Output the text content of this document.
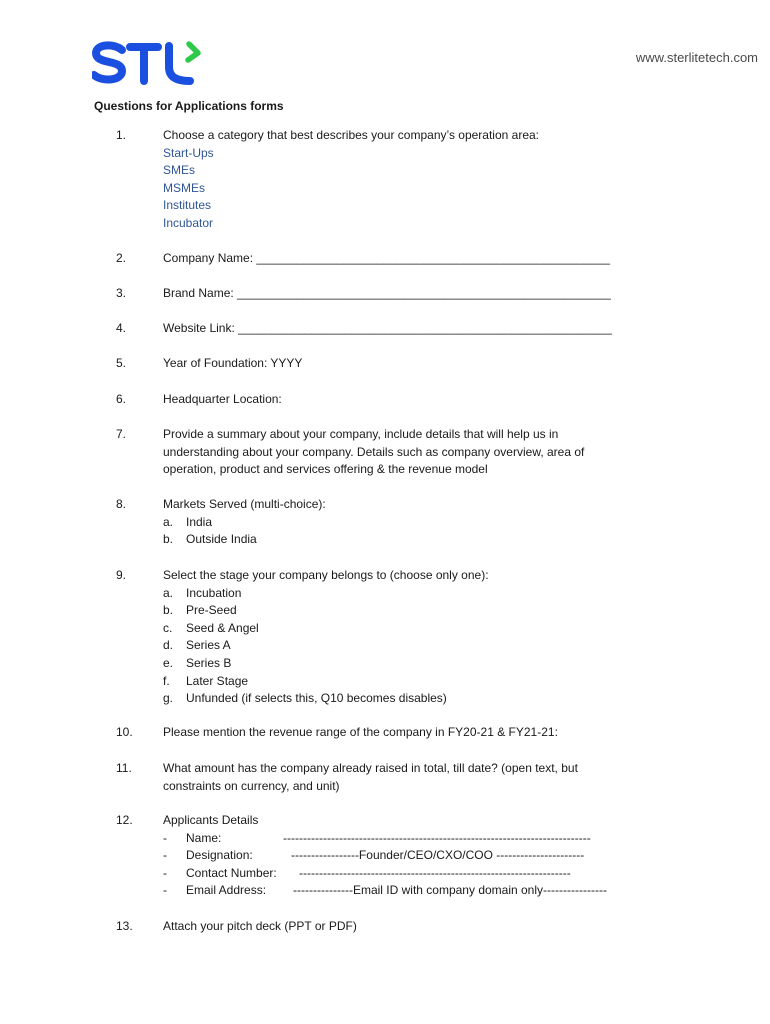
www.sterlitetech.com
Questions for Applications forms
1.	Choose a category that best describes your company’s operation area:
Start-Ups
SMEs
MSMEs
Institutes
Incubator
2.	Company Name: _____________________________________________________
3.	Brand Name: ________________________________________________________
4.	Website Link: ________________________________________________________
5.	Year of Foundation: YYYY
6.	Headquarter Location:
7.	Provide a summary about your company, include details that will help us in
understanding about your company. Details such as company overview, area of
operation, product and services offering & the revenue model
8.	Markets Served (multi-choice):
a.	India
b.	Outside India
9.	Select the stage your company belongs to (choose only one):
a.	Incubation
b.	Pre-Seed
c.	Seed & Angel
d.	Series A
e.	Series B
f.	Later Stage
g.	Unfunded (if selects this, Q10 becomes disables)
10.	Please mention the revenue range of the company in FY20-21 & FY21-21:
11.	What amount has the company already raised in total, till date? (open text, but
constraints on currency, and unit)
12.	Applicants Details
-	Name:	-----------------------------------------------------------------------------
-	Designation:	-----------------Founder/CEO/CXO/COO ----------------------
-	Contact Number:	--------------------------------------------------------------------
-	Email Address:	---------------Email ID with company domain only----------------
13.	Attach your pitch deck (PPT or PDF)
